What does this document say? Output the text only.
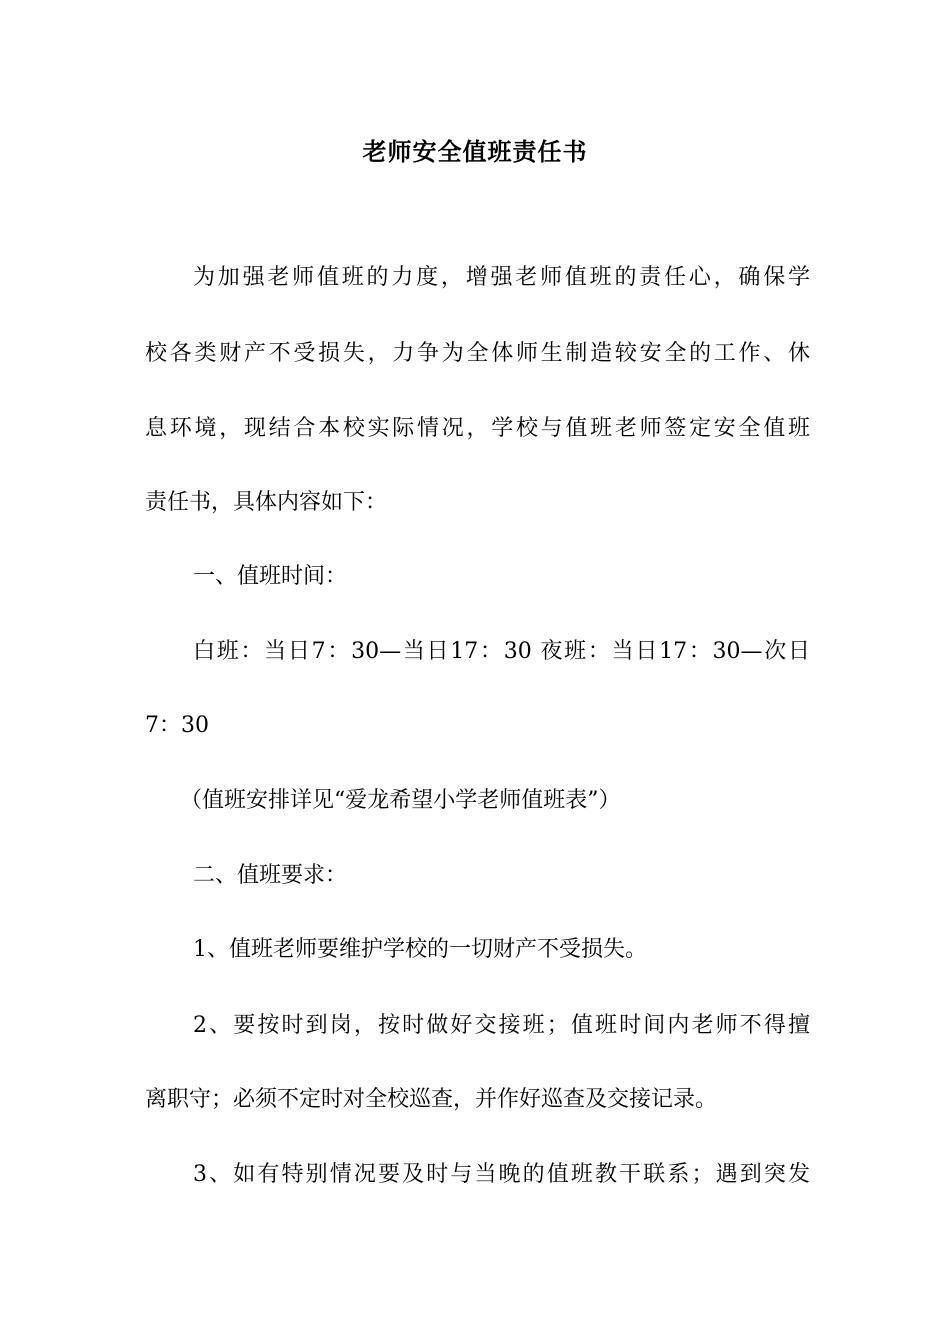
老师安全值班责任书
为加强老师值班的力度，增强老师值班的责任心，确保学
校各类财产不受损失，力争为全体师生制造较安全的工作、休
息环境，现结合本校实际情况，学校与值班老师签定安全值班
责任书，具体内容如下：
一、值班时间：
白班：当日7：30—当日17：30 夜班：当日17：30—次日
7：30
（值班安排详见“爱龙希望小学老师值班表”）
二、值班要求：
1、值班老师要维护学校的一切财产不受损失。
2、要按时到岗，按时做好交接班；值班时间内老师不得擅
离职守；必须不定时对全校巡查，并作好巡查及交接记录。
3、如有特别情况要及时与当晚的值班教干联系；遇到突发
